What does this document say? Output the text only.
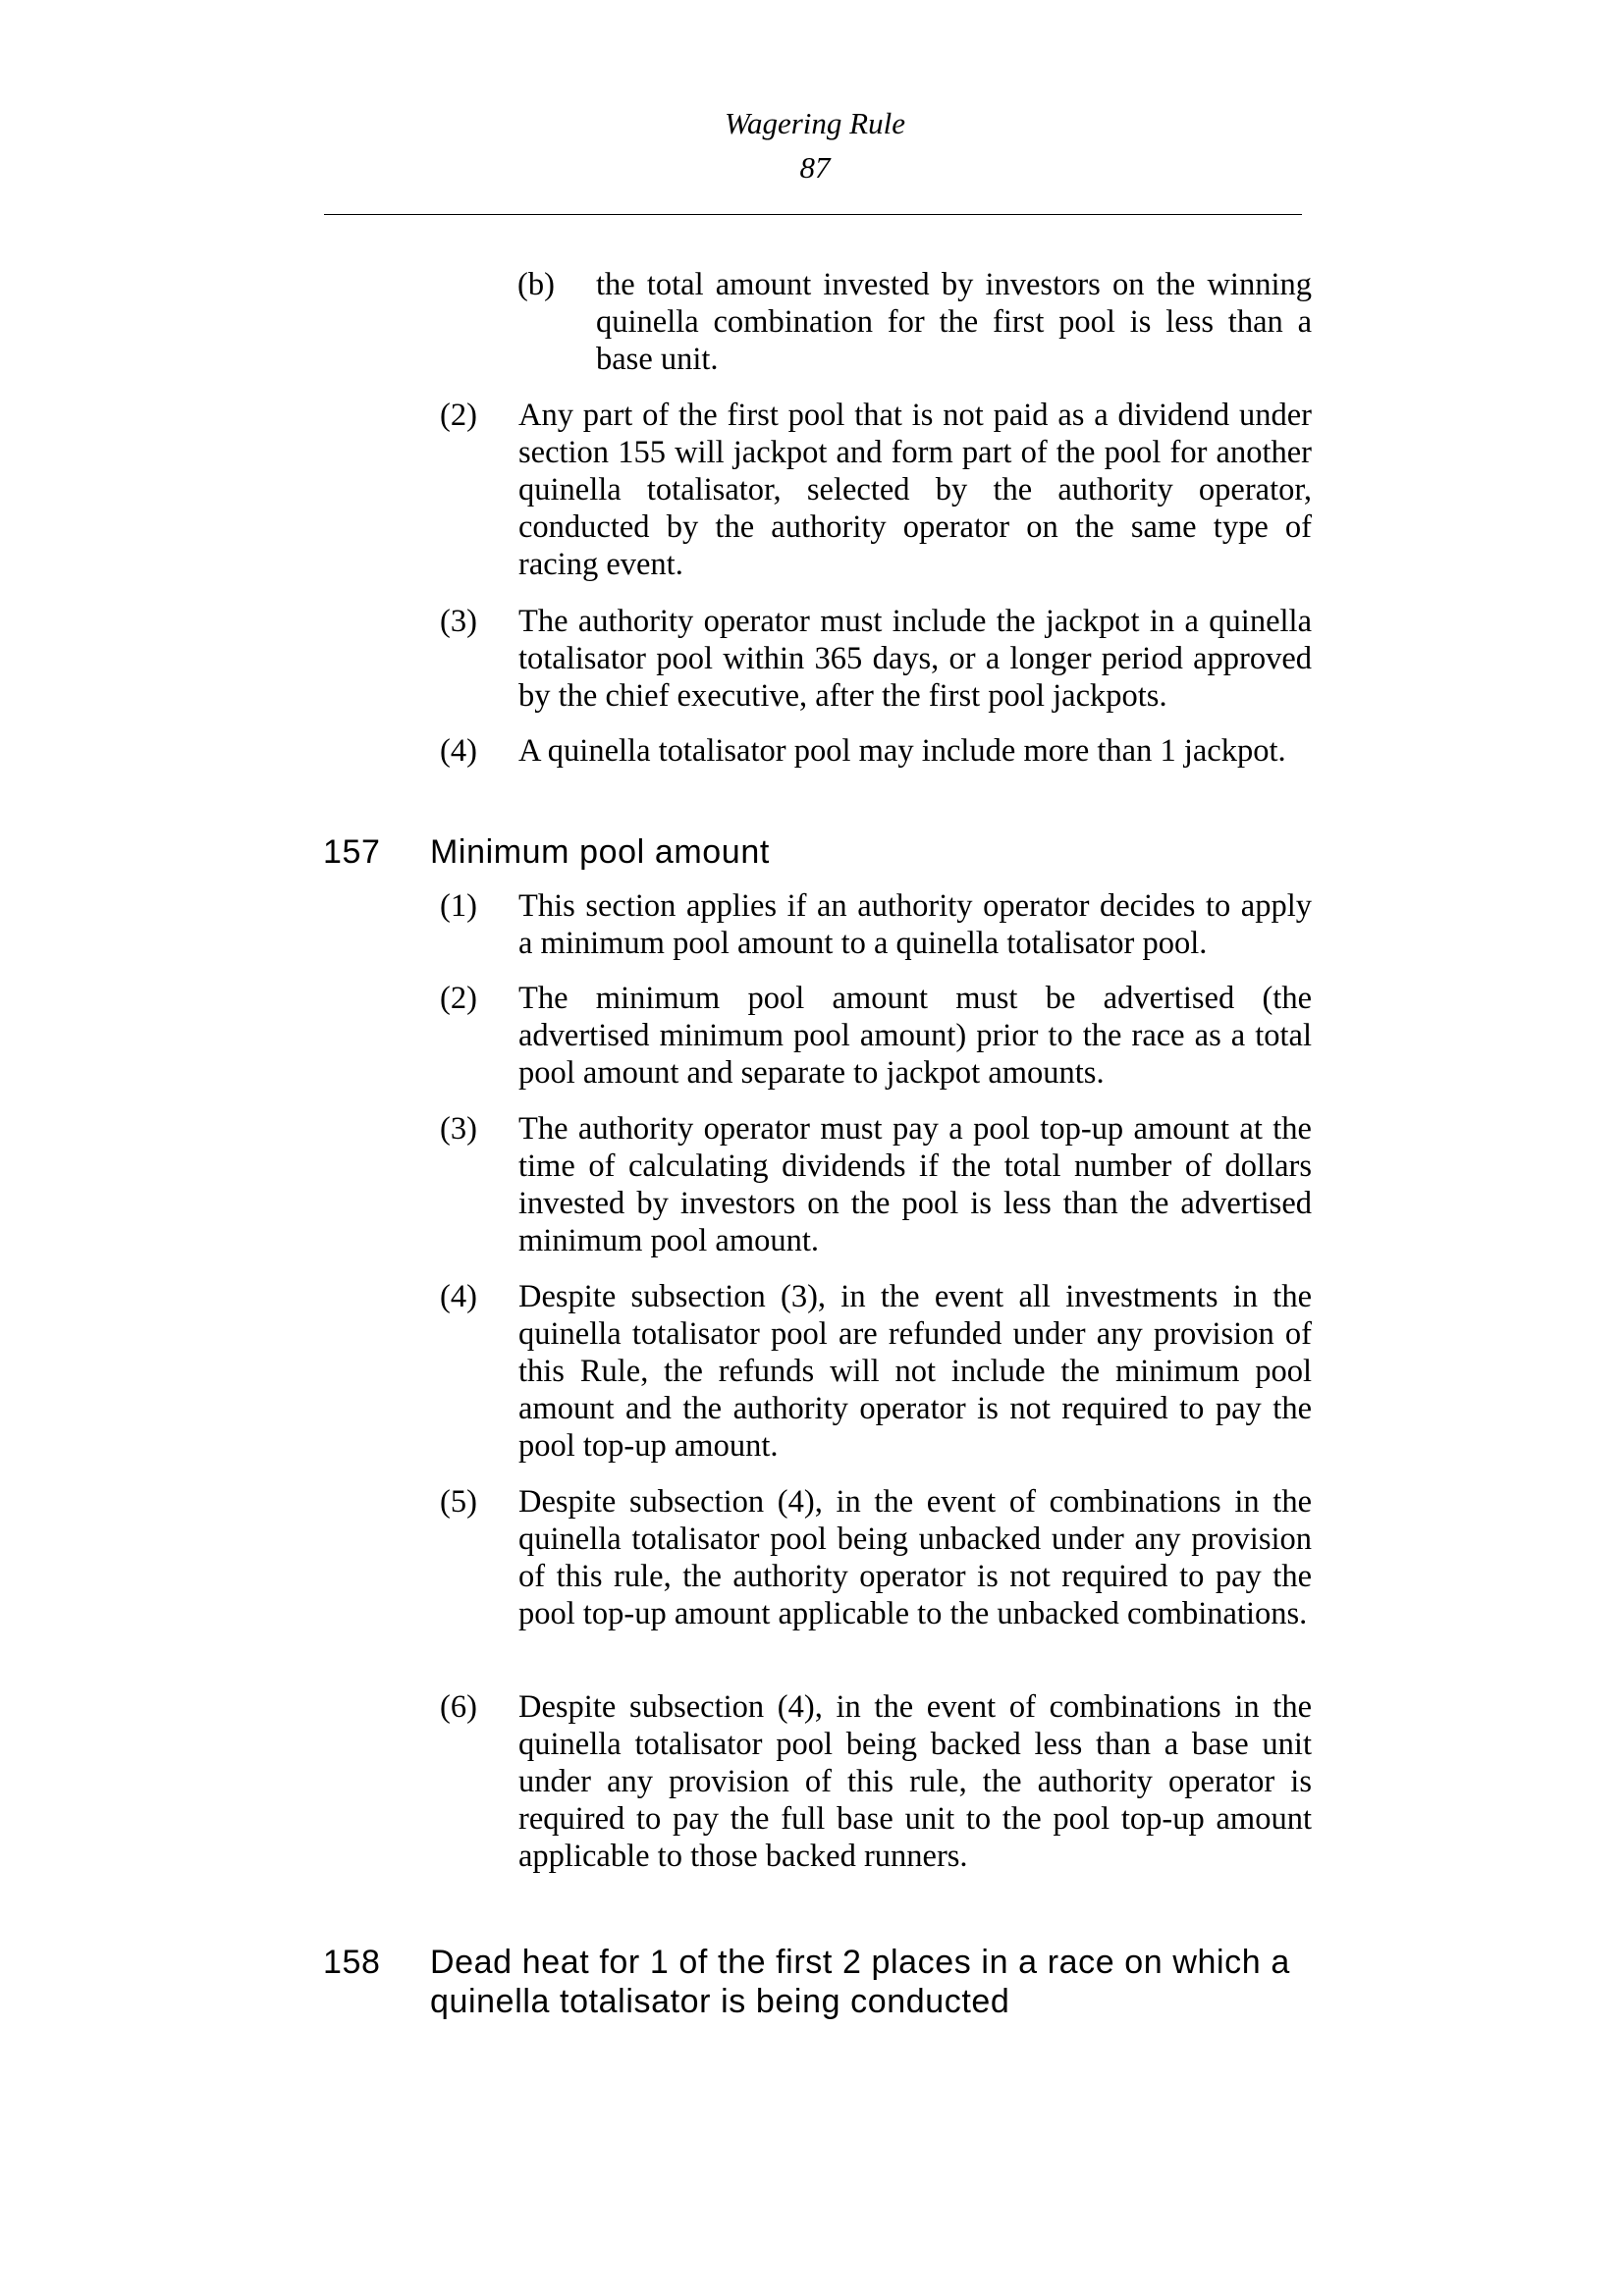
Wagering Rule
87
(b) the total amount invested by investors on the winning quinella combination for the first pool is less than a base unit.
(2) Any part of the first pool that is not paid as a dividend under section 155 will jackpot and form part of the pool for another quinella totalisator, selected by the authority operator, conducted by the authority operator on the same type of racing event.
(3) The authority operator must include the jackpot in a quinella totalisator pool within 365 days, or a longer period approved by the chief executive, after the first pool jackpots.
(4) A quinella totalisator pool may include more than 1 jackpot.
157 Minimum pool amount
(1) This section applies if an authority operator decides to apply a minimum pool amount to a quinella totalisator pool.
(2) The minimum pool amount must be advertised (the advertised minimum pool amount) prior to the race as a total pool amount and separate to jackpot amounts.
(3) The authority operator must pay a pool top-up amount at the time of calculating dividends if the total number of dollars invested by investors on the pool is less than the advertised minimum pool amount.
(4) Despite subsection (3), in the event all investments in the quinella totalisator pool are refunded under any provision of this Rule, the refunds will not include the minimum pool amount and the authority operator is not required to pay the pool top-up amount.
(5) Despite subsection (4), in the event of combinations in the quinella totalisator pool being unbacked under any provision of this rule, the authority operator is not required to pay the pool top-up amount applicable to the unbacked combinations.
(6) Despite subsection (4), in the event of combinations in the quinella totalisator pool being backed less than a base unit under any provision of this rule, the authority operator is required to pay the full base unit to the pool top-up amount applicable to those backed runners.
158 Dead heat for 1 of the first 2 places in a race on which a quinella totalisator is being conducted
